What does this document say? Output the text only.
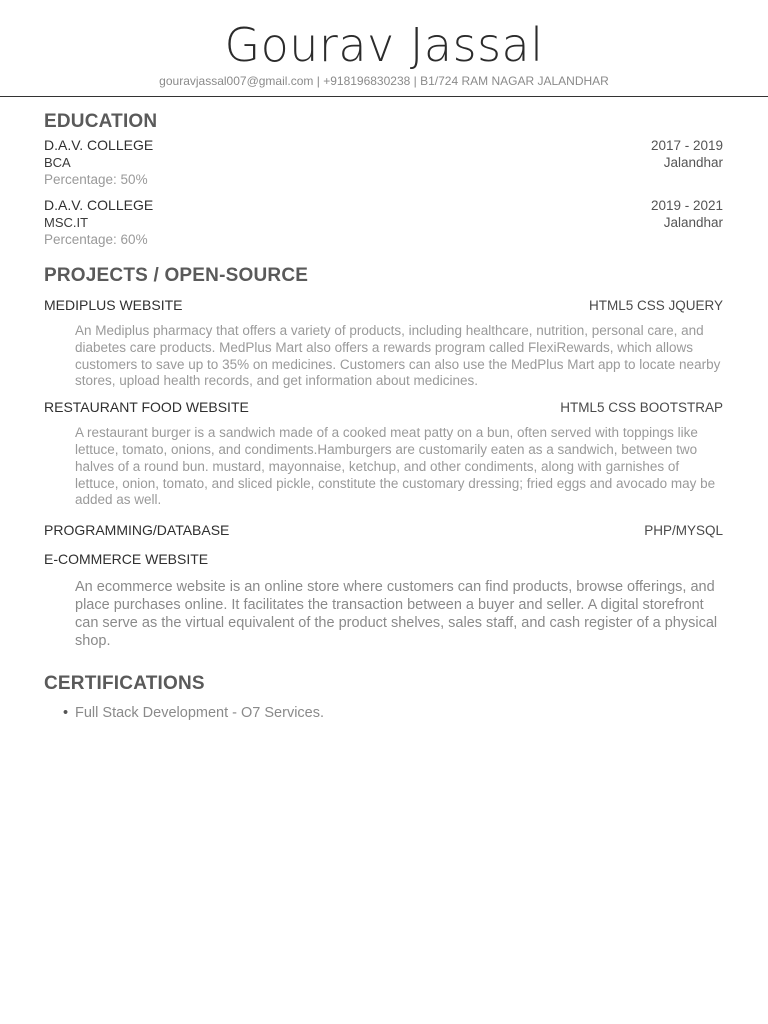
Gourav Jassal
gouravjassal007@gmail.com | +918196830238 | B1/724 RAM NAGAR JALANDHAR
EDUCATION
D.A.V. COLLEGE	2017 - 2019
BCA	Jalandhar
Percentage: 50%
D.A.V. COLLEGE	2019 - 2021
MSC.IT	Jalandhar
Percentage: 60%
PROJECTS / OPEN-SOURCE
MEDIPLUS WEBSITE	HTML5 CSS JQUERY

An Mediplus pharmacy that offers a variety of products, including healthcare, nutrition, personal care, and diabetes care products. MedPlus Mart also offers a rewards program called FlexiRewards, which allows customers to save up to 35% on medicines. Customers can also use the MedPlus Mart app to locate nearby stores, upload health records, and get information about medicines.

RESTAURANT FOOD WEBSITE	HTML5 CSS BOOTSTRAP

A restaurant burger is a sandwich made of a cooked meat patty on a bun, often served with toppings like lettuce, tomato, onions, and condiments.Hamburgers are customarily eaten as a sandwich, between two halves of a round bun. mustard, mayonnaise, ketchup, and other condiments, along with garnishes of lettuce, onion, tomato, and sliced pickle, constitute the customary dressing; fried eggs and avocado may be added as well.

PROGRAMMING/DATABASE	PHP/MYSQL
E-COMMERCE WEBSITE

An ecommerce website is an online store where customers can find products, browse offerings, and place purchases online. It facilitates the transaction between a buyer and seller. A digital storefront can serve as the virtual equivalent of the product shelves, sales staff, and cash register of a physical shop.

CERTIFICATIONS
• Full Stack Development - O7 Services.
